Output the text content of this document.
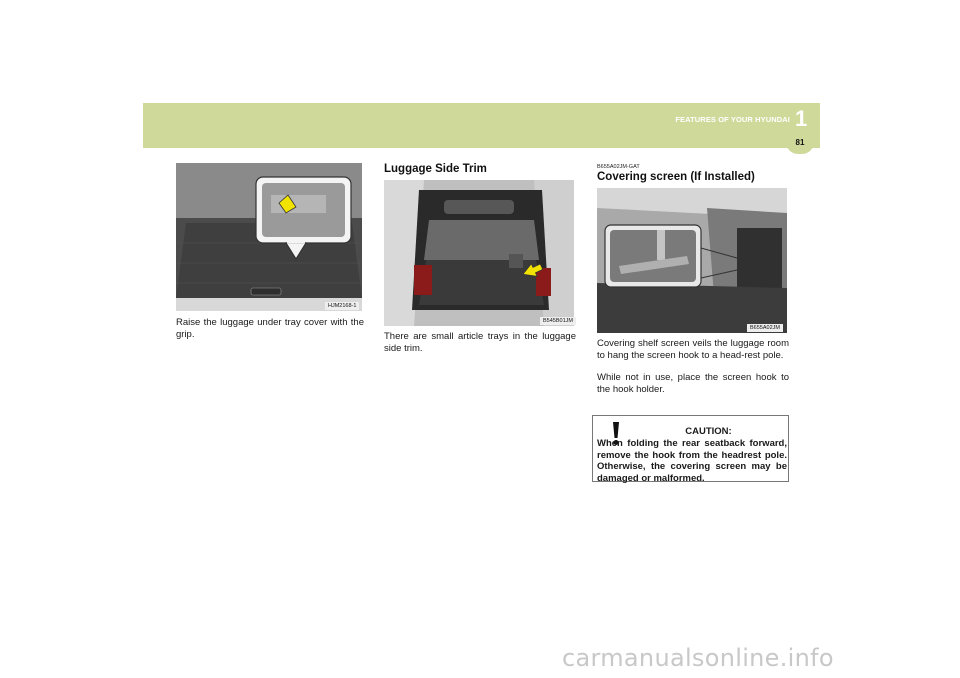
FEATURES OF YOUR HYUNDAI 1
81
HJM2168-1
Raise the luggage under tray cover with the grip.
Luggage Side Trim
B545B01JM
There are small article trays in the luggage side trim.
B655A02JM-GAT
Covering screen (If Installed)
B655A02JM
Covering shelf screen veils the luggage room to hang the screen hook to a head-rest pole.
While not in use, place the screen hook to the hook holder.
CAUTION:
When folding the rear seatback forward, remove the hook from the headrest pole. Otherwise, the covering screen may be damaged or malformed.
carmanualsonline.info
